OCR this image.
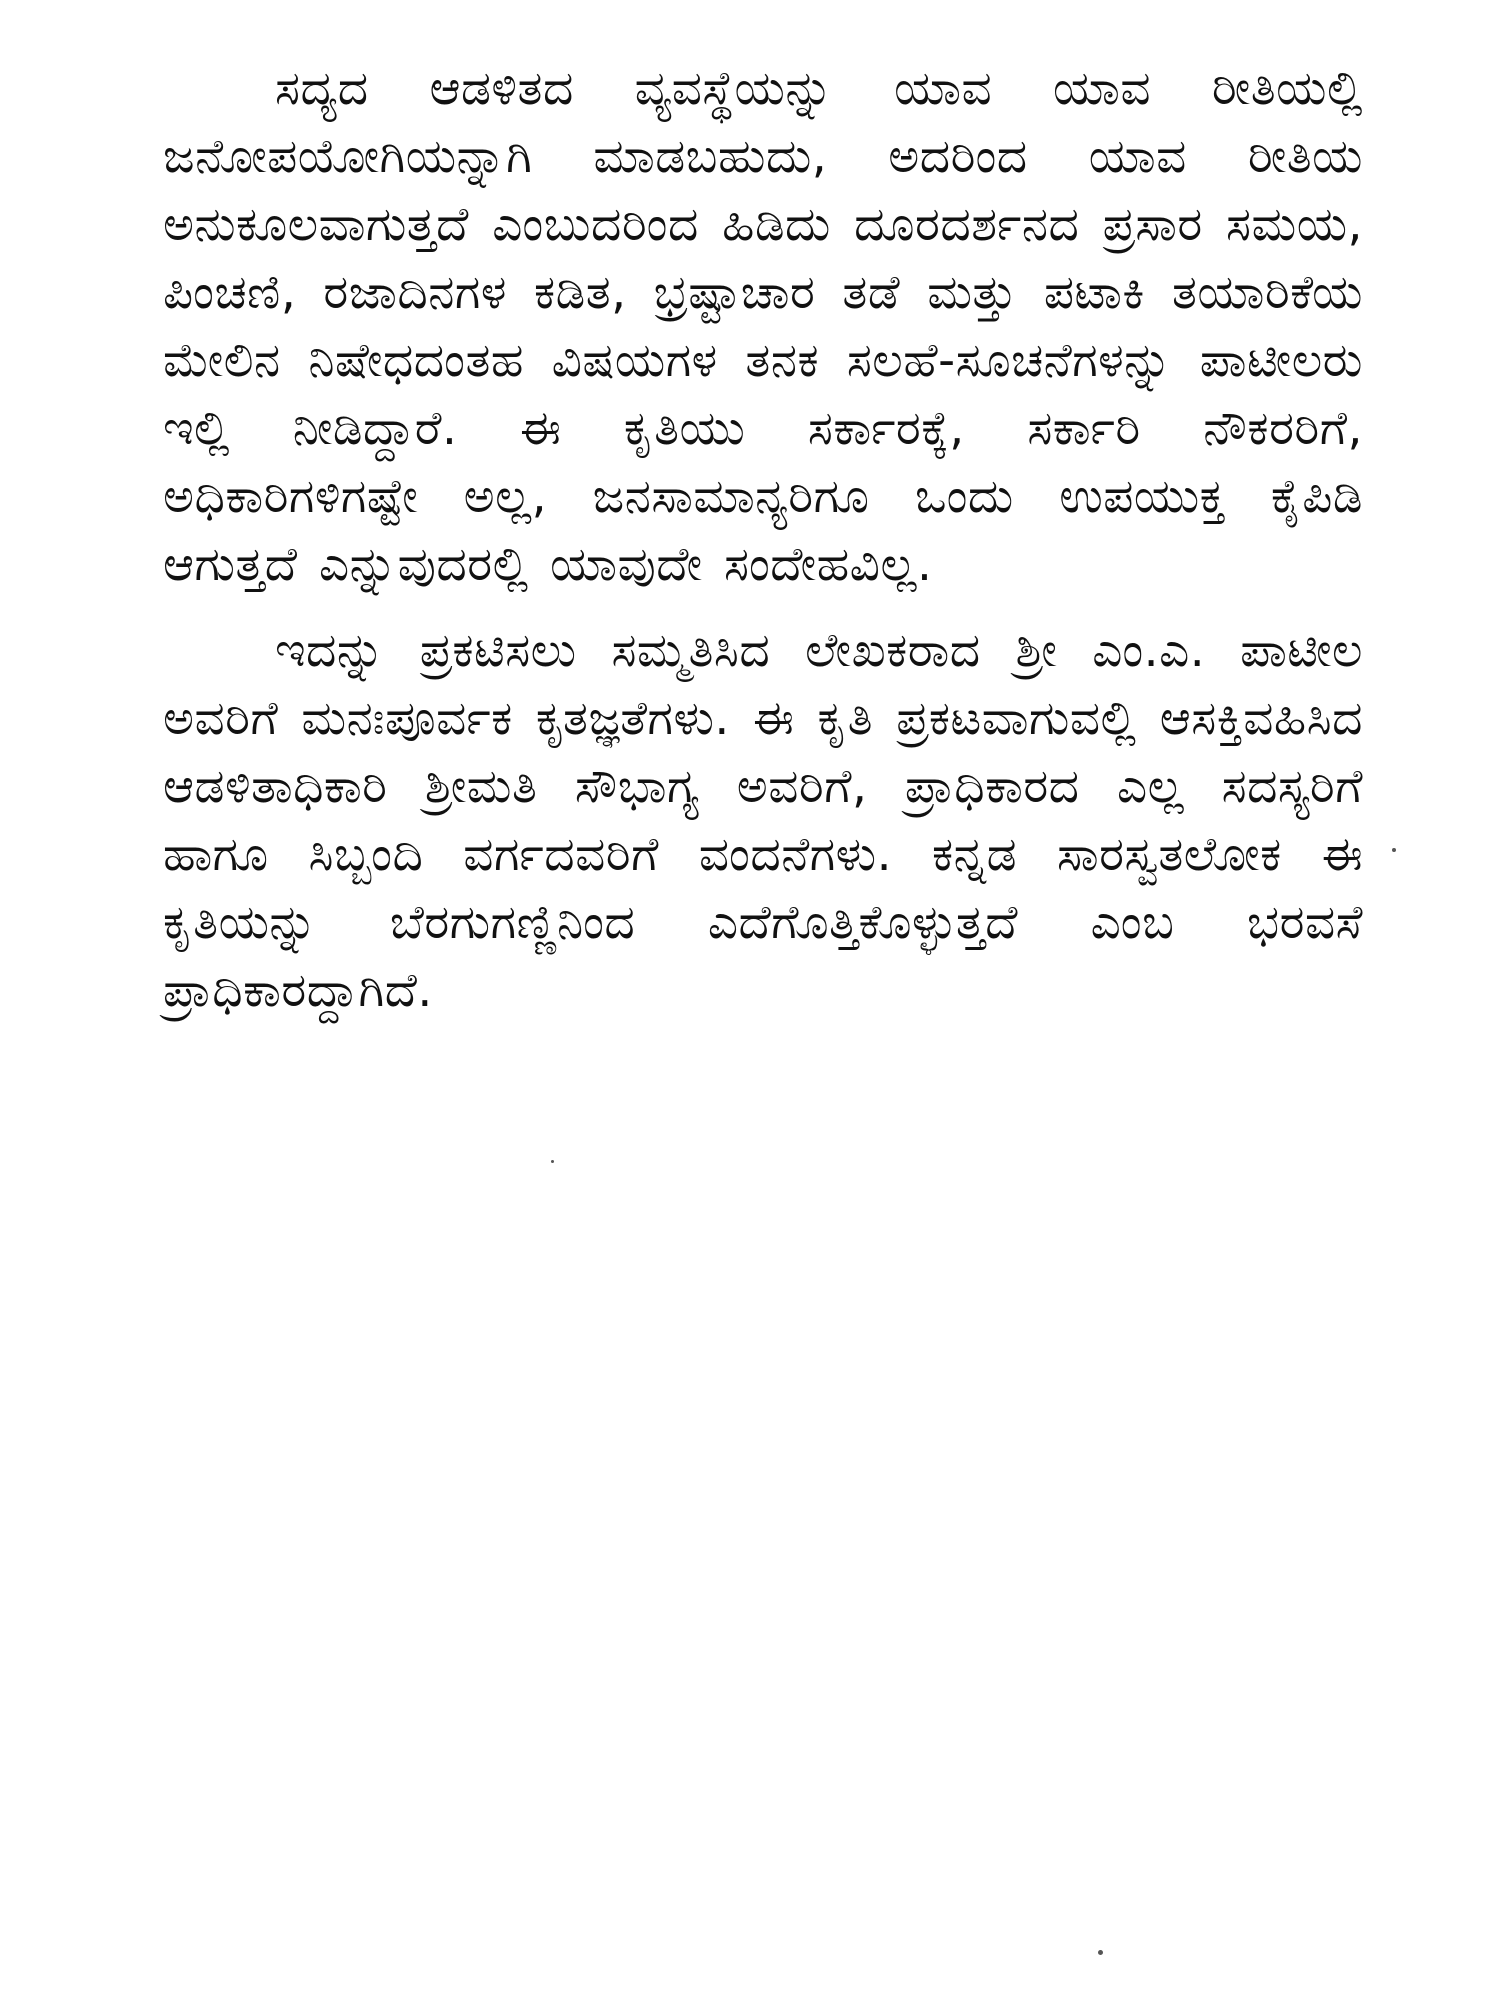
ಸದ್ಯದ ಆಡಳಿತದ ವ್ಯವಸ್ಥೆಯನ್ನು ಯಾವ ಯಾವ ರೀತಿಯಲ್ಲಿ ಜನೋಪಯೋಗಿಯನ್ನಾಗಿ ಮಾಡಬಹುದು, ಅದರಿಂದ ಯಾವ ರೀತಿಯ ಅನುಕೂಲವಾಗುತ್ತದೆ ಎಂಬುದರಿಂದ ಹಿಡಿದು ದೂರದರ್ಶನದ ಪ್ರಸಾರ ಸಮಯ, ಪಿಂಚಣಿ, ರಜಾದಿನಗಳ ಕಡಿತ, ಭ್ರಷ್ಟಾಚಾರ ತಡೆ ಮತ್ತು ಪಟಾಕಿ ತಯಾರಿಕೆಯ ಮೇಲಿನ ನಿಷೇಧದಂತಹ ವಿಷಯಗಳ ತನಕ ಸಲಹೆ-ಸೂಚನೆಗಳನ್ನು ಪಾಟೀಲರು ಇಲ್ಲಿ ನೀಡಿದ್ದಾರೆ. ಈ ಕೃತಿಯು ಸರ್ಕಾರಕ್ಕೆ, ಸರ್ಕಾರಿ ನೌಕರರಿಗೆ, ಅಧಿಕಾರಿಗಳಿಗಷ್ಟೇ ಅಲ್ಲ, ಜನಸಾಮಾನ್ಯರಿಗೂ ಒಂದು ಉಪಯುಕ್ತ ಕೈಪಿಡಿ ಆಗುತ್ತದೆ ಎನ್ನುವುದರಲ್ಲಿ ಯಾವುದೇ ಸಂದೇಹವಿಲ್ಲ.

ಇದನ್ನು ಪ್ರಕಟಿಸಲು ಸಮ್ಮತಿಸಿದ ಲೇಖಕರಾದ ಶ್ರೀ ಎಂ.ಎ. ಪಾಟೀಲ ಅವರಿಗೆ ಮನಃಪೂರ್ವಕ ಕೃತಜ್ಞತೆಗಳು. ಈ ಕೃತಿ ಪ್ರಕಟವಾಗುವಲ್ಲಿ ಆಸಕ್ತಿವಹಿಸಿದ ಆಡಳಿತಾಧಿಕಾರಿ ಶ್ರೀಮತಿ ಸೌಭಾಗ್ಯ ಅವರಿಗೆ, ಪ್ರಾಧಿಕಾರದ ಎಲ್ಲ ಸದಸ್ಯರಿಗೆ ಹಾಗೂ ಸಿಬ್ಬಂದಿ ವರ್ಗದವರಿಗೆ ವಂದನೆಗಳು. ಕನ್ನಡ ಸಾರಸ್ವತಲೋಕ ಈ ಕೃತಿಯನ್ನು ಬೆರಗುಗಣ್ಣಿನಿಂದ ಎದೆಗೊತ್ತಿಕೊಳ್ಳುತ್ತದೆ ಎಂಬ ಭರವಸೆ ಪ್ರಾಧಿಕಾರದ್ದಾಗಿದೆ.
